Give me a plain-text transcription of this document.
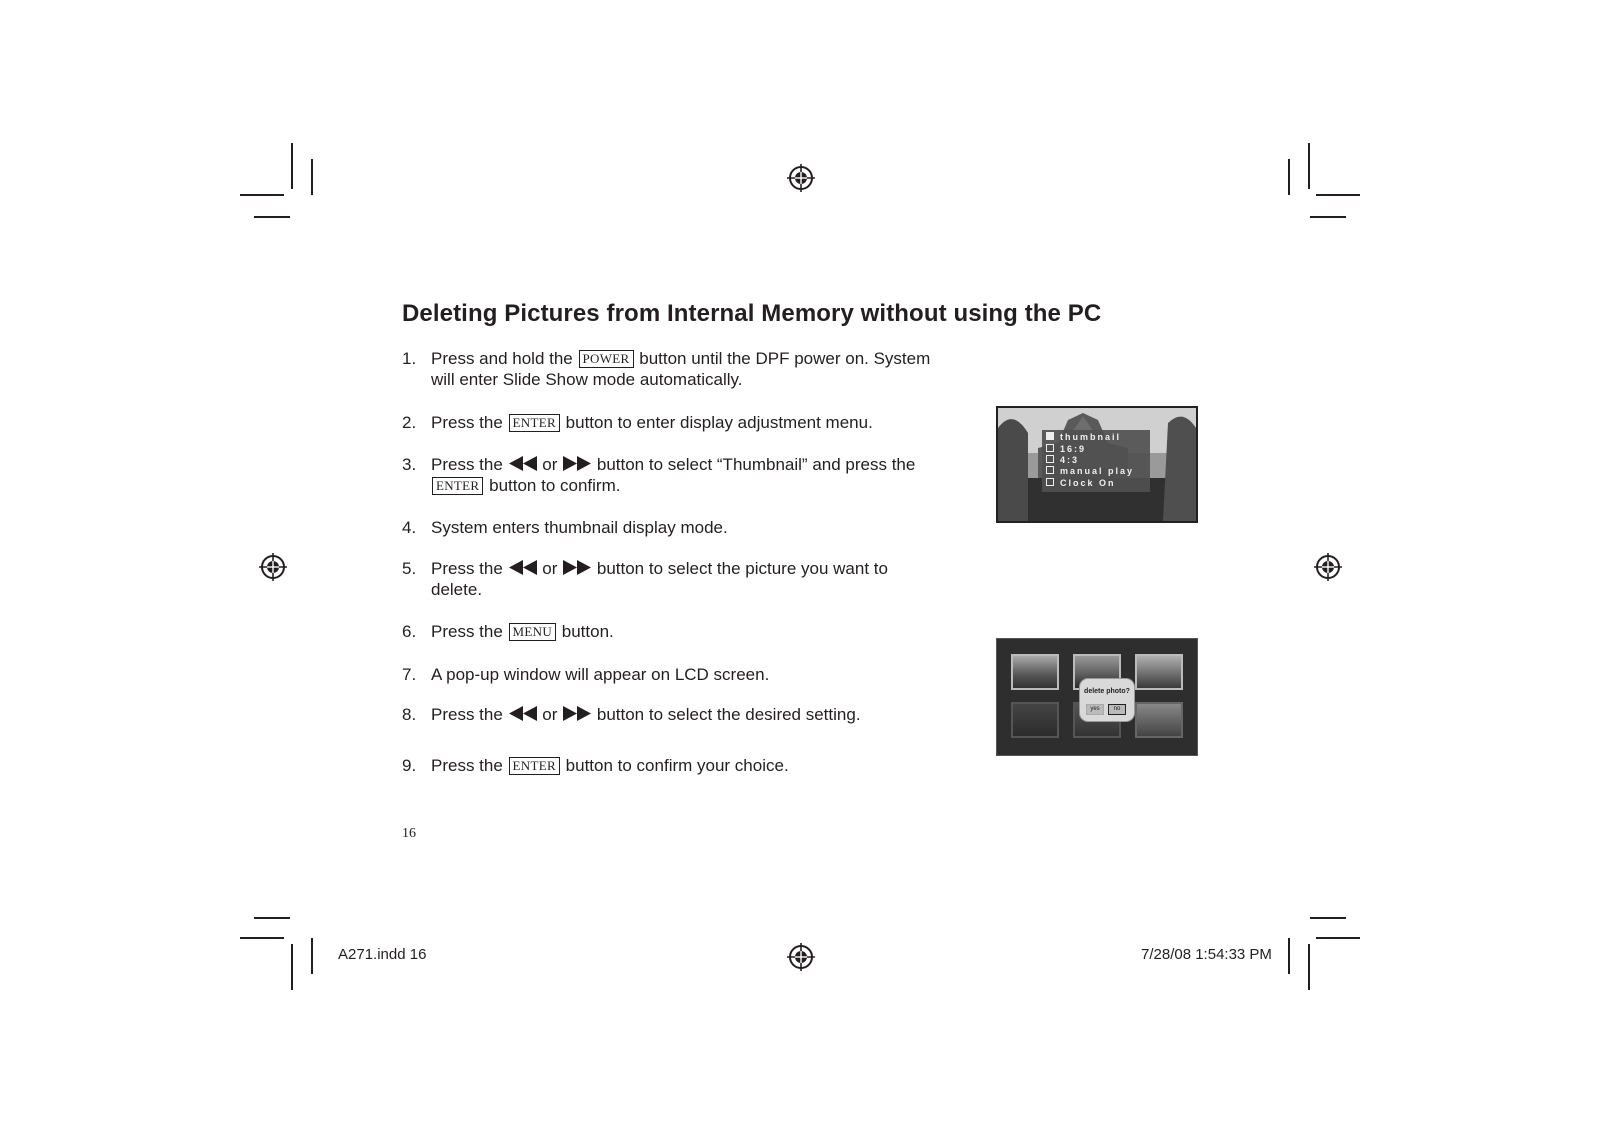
Deleting Pictures from Internal Memory without using the PC
1. Press and hold the POWER button until the DPF power on. System
will enter Slide Show mode automatically.
2. Press the ENTER button to enter display adjustment menu.
3. Press the or button to select “Thumbnail” and press the
ENTER button to confirm.
4. System enters thumbnail display mode.
5. Press the or button to select the picture you want to
delete.
6. Press the MENU button.
7. A pop-up window will appear on LCD screen.
8. Press the or button to select the desired setting.
9. Press the ENTER button to confirm your choice.
thumbnail
16:9
4:3
manual play
Clock On
delete photo?
yes	no
16
A271.indd 16	7/28/08 1:54:33 PM
